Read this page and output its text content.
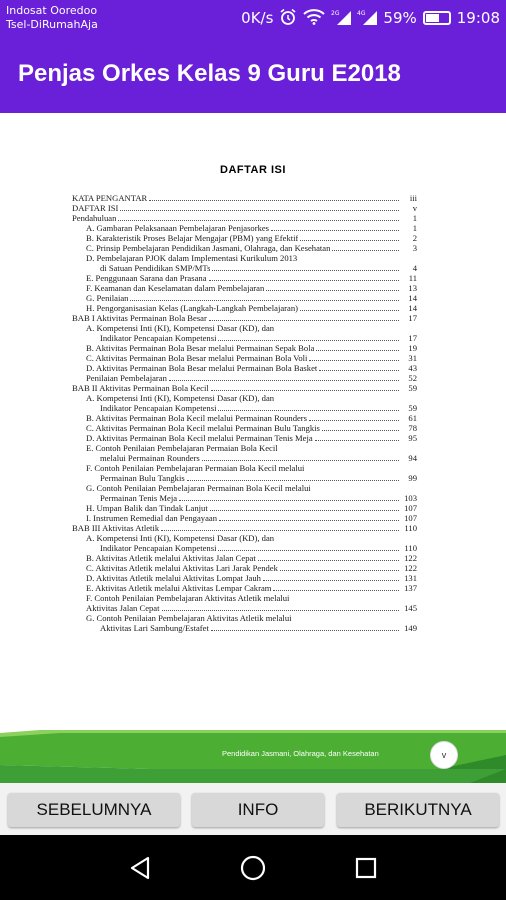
Indosat Ooredoo
Tsel-DiRumahAja	0K/s	2G	4G 59%	19:08
Penjas Orkes Kelas 9 Guru E2018
DAFTAR ISI
KATA PENGANTAR	iii
DAFTAR ISI	v
Pendahuluan	1
A. Gambaran Pelaksanaan Pembelajaran Penjasorkes	1
B. Karakteristik Proses Belajar Mengajar (PBM) yang Efektif	2
C. Prinsip Pembelajaran Pendidikan Jasmani, Olahraga, dan Kesehatan	3
D. Pembelajaran PJOK dalam Implementasi Kurikulum 2013
di Satuan Pendidikan SMP/MTs	4
E. Penggunaan Sarana dan Prasana	11
F. Keamanan dan Keselamatan dalam Pembelajaran	13
G. Penilaian	14
H. Pengorganisasian Kelas (Langkah-Langkah Pembelajaran)	14
BAB I Aktivitas Permainan Bola Besar	17
A. Kompetensi Inti (KI), Kompetensi Dasar (KD), dan
Indikator Pencapaian Kompetensi	17
B. Aktivitas Permainan Bola Besar melalui Permainan Sepak Bola	19
C. Aktivitas Permainan Bola Besar melalui Permainan Bola Voli	31
D. Aktivitas Permainan Bola Besar melalui Permainan Bola Basket	43
Penilaian Pembelajaran	52
BAB II Aktivitas Permainan Bola Kecil	59
A. Kompetensi Inti (KI), Kompetensi Dasar (KD), dan
Indikator Pencapaian Kompetensi	59
B. Aktivitas Permainan Bola Kecil melalui Permainan Rounders	61
C. Aktivitas Permainan Bola Kecil melalui Permainan Bulu Tangkis	78
D. Aktivitas Permainan Bola Kecil melalui Permainan Tenis Meja	95
E. Contoh Penilaian Pembelajaran Permaian Bola Kecil
melalui Permainan Rounders	94
F. Contoh Penilaian Pembelajaran Permaian Bola Kecil melalui
Permainan Bulu Tangkis	99
G. Contoh Penilaian Pembelajaran Permainan Bola Kecil melalui
Permainan Tenis Meja	103
H. Umpan Balik dan Tindak Lanjut	107
I. Instrumen Remedial dan Pengayaan	107
BAB III Aktivitas Atletik	110
A. Kompetensi Inti (KI), Kompetensi Dasar (KD), dan
Indikator Pencapaian Kompetensi	110
B. Aktivitas Atletik melalui Aktivitas Jalan Cepat	122
C. Aktivitas Atletik melalui Aktivitas Lari Jarak Pendek	122
D. Aktivitas Atletik melalui Aktivitas Lompat Jauh	131
E. Aktivitas Atletik melalui Aktivitas Lempar Cakram	137
F. Contoh Penilaian Pembelajaran Aktivitas Atletik melalui
Aktivitas Jalan Cepat	145
G. Contoh Penilaian Pembelajaran Aktivitas Atletik melalui
Aktivitas Lari Sambung/Estafet	149
Pendidikan Jasmani, Olahraga, dan Kesehatan	v
SEBELUMNYA	INFO	BERIKUTNYA
